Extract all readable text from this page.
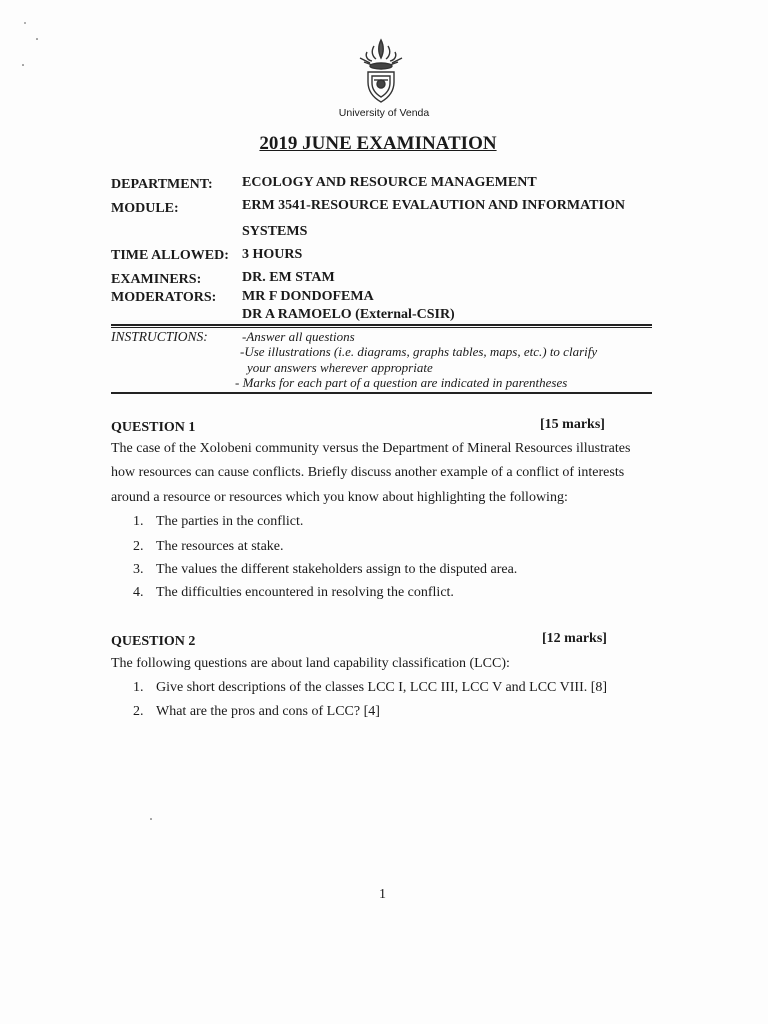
University of Venda
2019 JUNE EXAMINATION
DEPARTMENT: ECOLOGY AND RESOURCE MANAGEMENT
MODULE:	ERM 3541-RESOURCE EVALAUTION AND INFORMATION
SYSTEMS
TIME ALLOWED: 3 HOURS
EXAMINERS:	DR. EM STAM
MODERATORS: MR F DONDOFEMA
DR A RAMOELO (External-CSIR)
INSTRUCTIONS:	-Answer all questions
-Use illustrations (i.e. diagrams, graphs tables, maps, etc.) to clarify
your answers wherever appropriate
- Marks for each part of a question are indicated in parentheses
QUESTION 1	[15 marks]
The case of the Xolobeni community versus the Department of Mineral Resources illustrates
how resources can cause conflicts. Briefly discuss another example of a conflict of interests
around a resource or resources which you know about highlighting the following:
1. The parties in the conflict.
2. The resources at stake.
3. The values the different stakeholders assign to the disputed area.
4. The difficulties encountered in resolving the conflict.
QUESTION 2	[12 marks]
The following questions are about land capability classification (LCC):
1. Give short descriptions of the classes LCC I, LCC III, LCC V and LCC VIII. [8]
2. What are the pros and cons of LCC? [4]
1
